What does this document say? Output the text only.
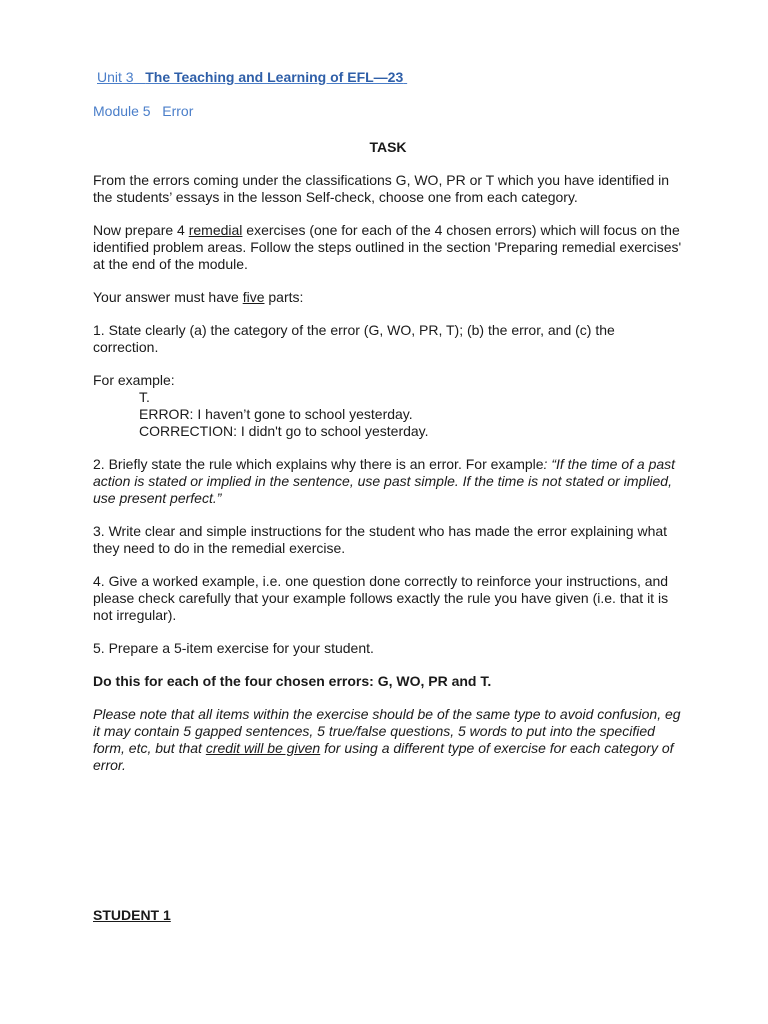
Unit 3 The Teaching and Learning of EFL—23
Module 5 Error
TASK

From the errors coming under the classifications G, WO, PR or T which you have identified in the students’ essays in the lesson Self-check, choose one from each category.

Now prepare 4 remedial exercises (one for each of the 4 chosen errors) which will focus on the identified problem areas. Follow the steps outlined in the section 'Preparing remedial exercises' at the end of the module.

Your answer must have five parts:

1. State clearly (a) the category of the error (G, WO, PR, T); (b) the error, and (c) the correction.

For example:
T.
ERROR: I haven’t gone to school yesterday.
CORRECTION: I didn't go to school yesterday.

2. Briefly state the rule which explains why there is an error. For example: “If the time of a past action is stated or implied in the sentence, use past simple. If the time is not stated or implied, use present perfect.”

3. Write clear and simple instructions for the student who has made the error explaining what they need to do in the remedial exercise.

4. Give a worked example, i.e. one question done correctly to reinforce your instructions, and please check carefully that your example follows exactly the rule you have given (i.e. that it is not irregular).

5. Prepare a 5-item exercise for your student.

Do this for each of the four chosen errors: G, WO, PR and T.

Please note that all items within the exercise should be of the same type to avoid confusion, eg it may contain 5 gapped sentences, 5 true/false questions, 5 words to put into the specified form, etc, but that credit will be given for using a different type of exercise for each category of error.

STUDENT 1
